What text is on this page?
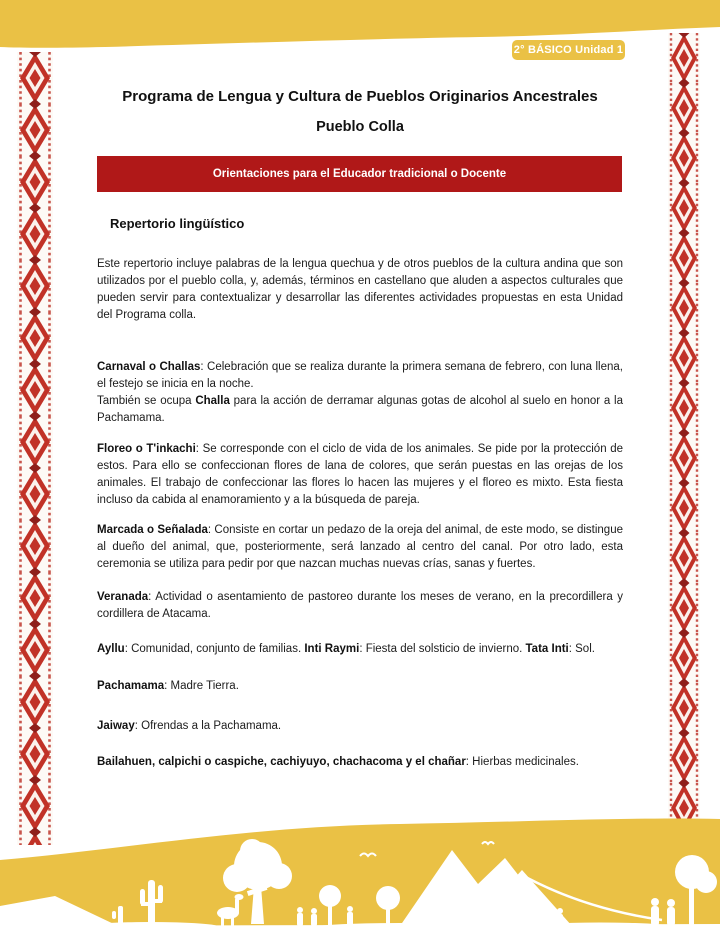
2° BÁSICO Unidad 1
Programa de Lengua y Cultura de Pueblos Originarios Ancestrales
Pueblo Colla
Orientaciones para el Educador tradicional o Docente
Repertorio lingüístico

Este repertorio incluye palabras de la lengua quechua y de otros pueblos de la cultura andina que son utilizados por el pueblo colla, y, además, términos en castellano que aluden a aspectos culturales que pueden servir para contextualizar y desarrollar las diferentes actividades propuestas en esta Unidad del Programa colla.

Carnaval o Challas: Celebración que se realiza durante la primera semana de febrero, con luna llena, el festejo se inicia en la noche.
También se ocupa Challa para la acción de derramar algunas gotas de alcohol al suelo en honor a la Pachamama.

Floreo o T'inkachi: Se corresponde con el ciclo de vida de los animales. Se pide por la protección de estos. Para ello se confeccionan flores de lana de colores, que serán puestas en las orejas de los animales. El trabajo de confeccionar las flores lo hacen las mujeres y el floreo es mixto. Esta fiesta incluso da cabida al enamoramiento y a la búsqueda de pareja.

Marcada o Señalada: Consiste en cortar un pedazo de la oreja del animal, de este modo, se distingue al dueño del animal, que, posteriormente, será lanzado al centro del canal. Por otro lado, esta ceremonia se utiliza para pedir por que nazcan muchas nuevas crías, sanas y fuertes.

Veranada: Actividad o asentamiento de pastoreo durante los meses de verano, en la precordillera y cordillera de Atacama.

Ayllu: Comunidad, conjunto de familias. Inti Raymi: Fiesta del solsticio de invierno. Tata Inti: Sol.

Pachamama: Madre Tierra.

Jaiway: Ofrendas a la Pachamama.

Bailahuen, calpichi o caspiche, cachiyuyo, chachacoma y el chañar: Hierbas medicinales.
